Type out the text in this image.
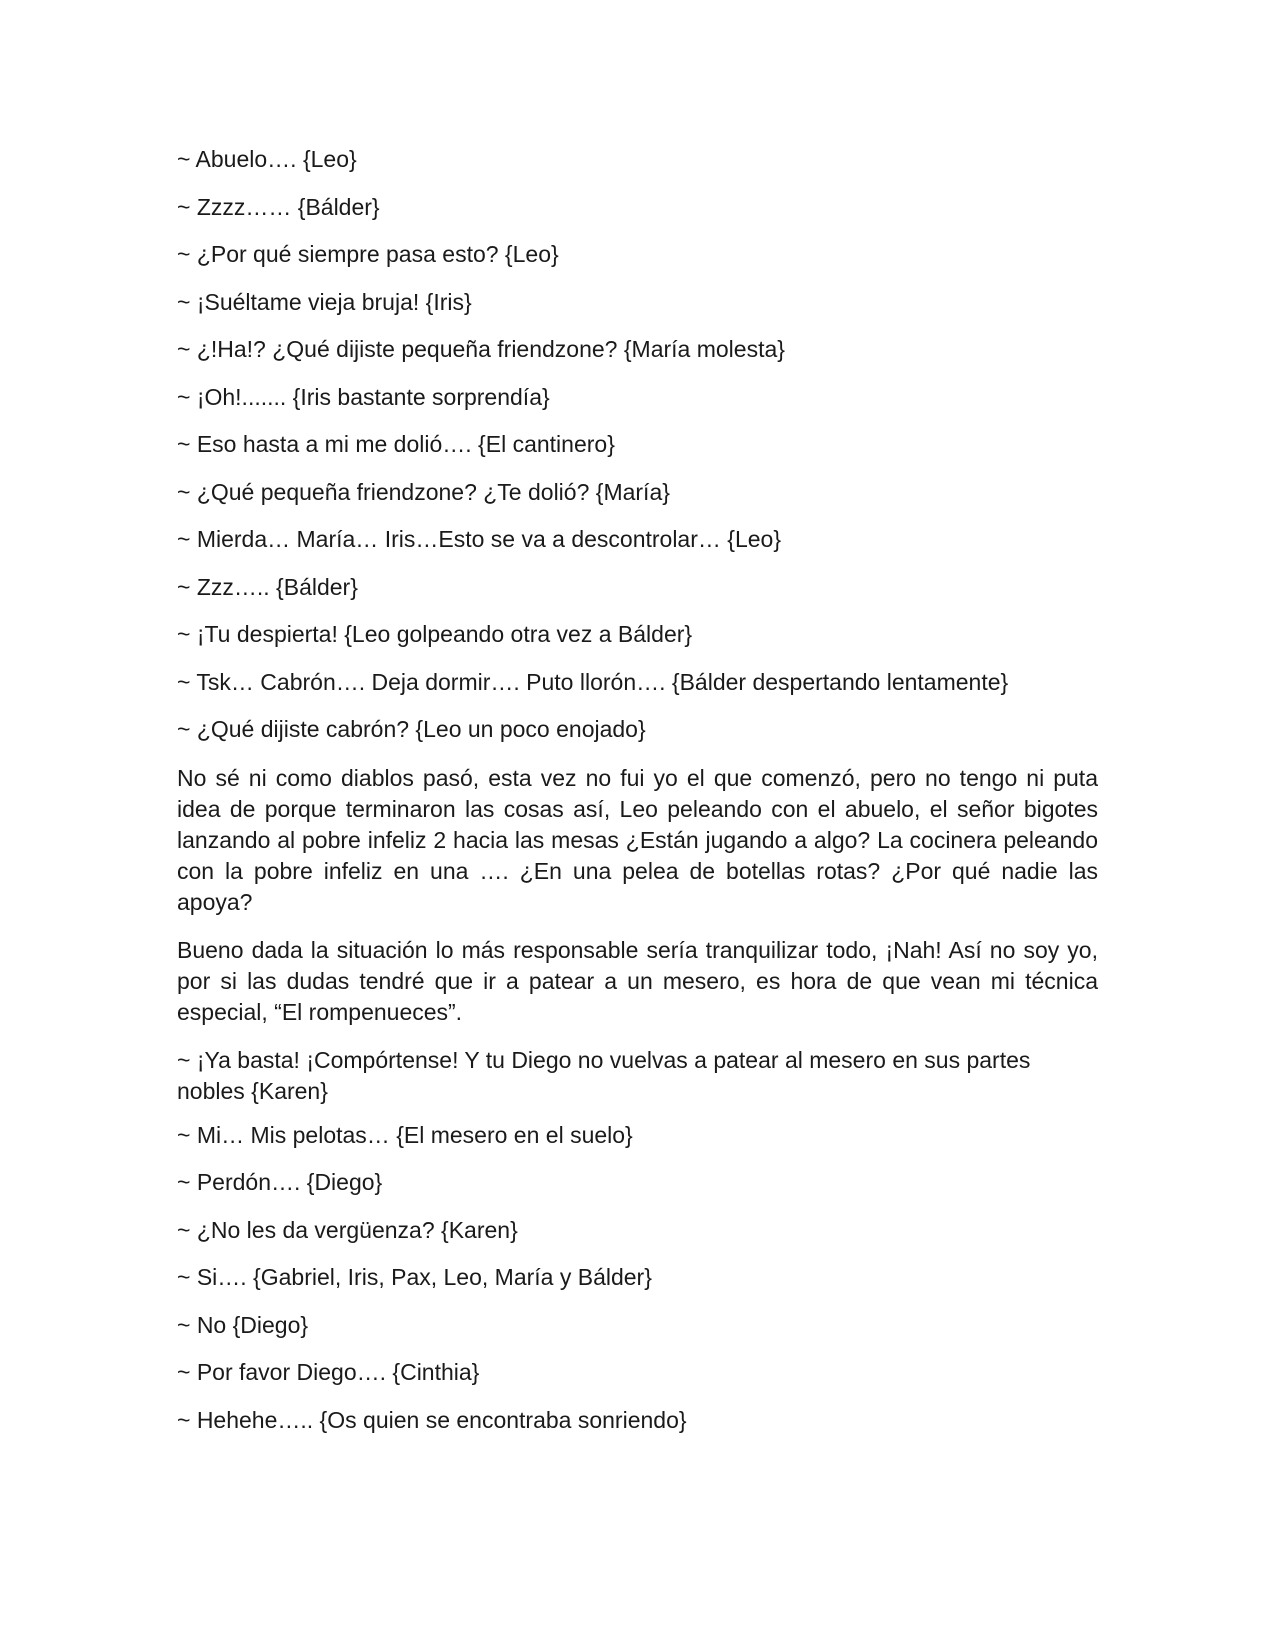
~ Abuelo…. {Leo}

~ Zzzz…… {Bálder}

~ ¿Por qué siempre pasa esto? {Leo}

~ ¡Suéltame vieja bruja! {Iris}

~ ¿!Ha!? ¿Qué dijiste pequeña friendzone? {María molesta}

~ ¡Oh!....... {Iris bastante sorprendía}

~ Eso hasta a mi me dolió…. {El cantinero}

~ ¿Qué pequeña friendzone? ¿Te dolió? {María}

~ Mierda… María… Iris…Esto se va a descontrolar… {Leo}

~ Zzz….. {Bálder}

~ ¡Tu despierta! {Leo golpeando otra vez a Bálder}

~ Tsk… Cabrón…. Deja dormir…. Puto llorón…. {Bálder despertando lentamente}

~ ¿Qué dijiste cabrón? {Leo un poco enojado}

No sé ni como diablos pasó, esta vez no fui yo el que comenzó, pero no tengo ni puta idea de porque terminaron las cosas así, Leo peleando con el abuelo, el señor bigotes lanzando al pobre infeliz 2 hacia las mesas ¿Están jugando a algo? La cocinera peleando con la pobre infeliz en una …. ¿En una pelea de botellas rotas? ¿Por qué nadie las apoya?

Bueno dada la situación lo más responsable sería tranquilizar todo, ¡Nah! Así no soy yo, por si las dudas tendré que ir a patear a un mesero, es hora de que vean mi técnica especial, “El rompenueces”.

~ ¡Ya basta! ¡Compórtense! Y tu Diego no vuelvas a patear al mesero en sus partes nobles {Karen}

~ Mi… Mis pelotas… {El mesero en el suelo}

~ Perdón…. {Diego}

~ ¿No les da vergüenza? {Karen}

~ Si…. {Gabriel, Iris, Pax, Leo, María y Bálder}

~ No {Diego}

~ Por favor Diego…. {Cinthia}

~ Hehehe….. {Os quien se encontraba sonriendo}
